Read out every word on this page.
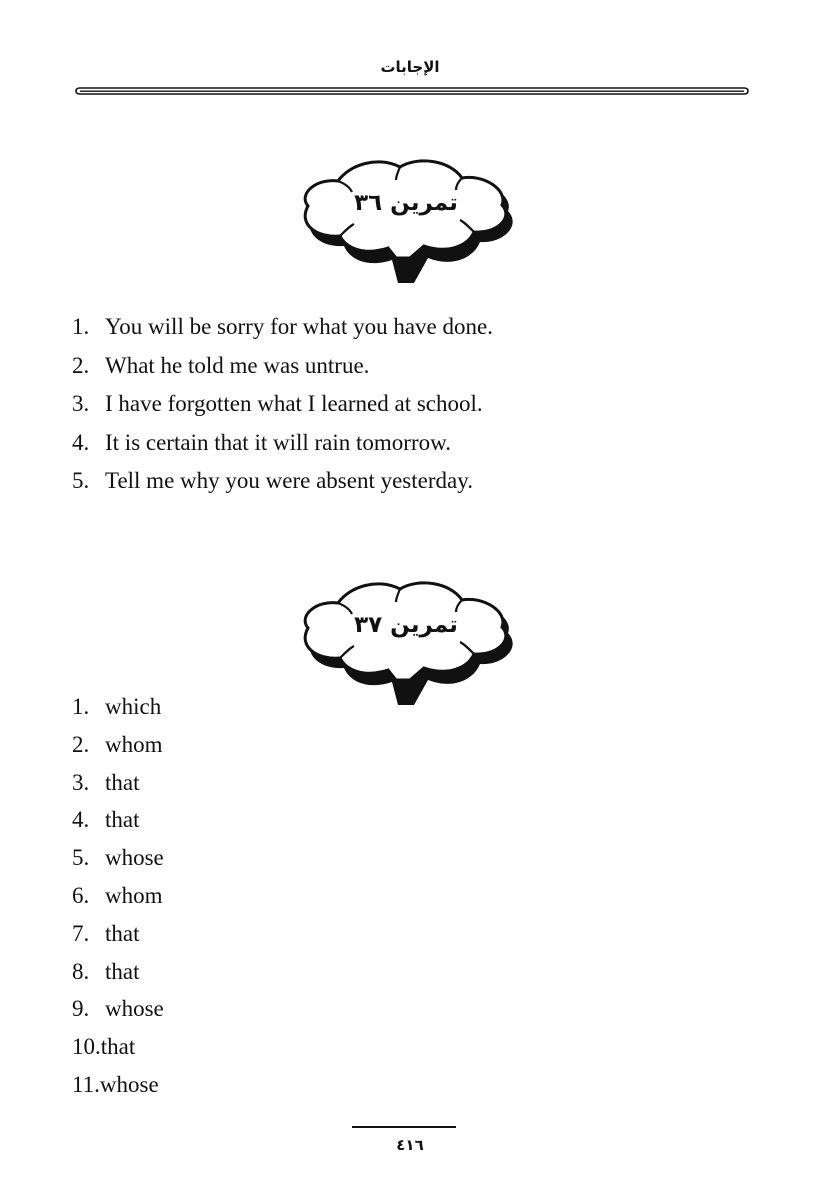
الإجابات
تمرين ٣٦
1. You will be sorry for what you have done.
2. What he told me was untrue.
3. I have forgotten what I learned at school.
4. It is certain that it will rain tomorrow.
5. Tell me why you were absent yesterday.
تمرين ٣٧
1. which
2. whom
3. that
4. that
5. whose
6. whom
7. that
8. that
9. whose
10.that
11.whose
٤١٦
